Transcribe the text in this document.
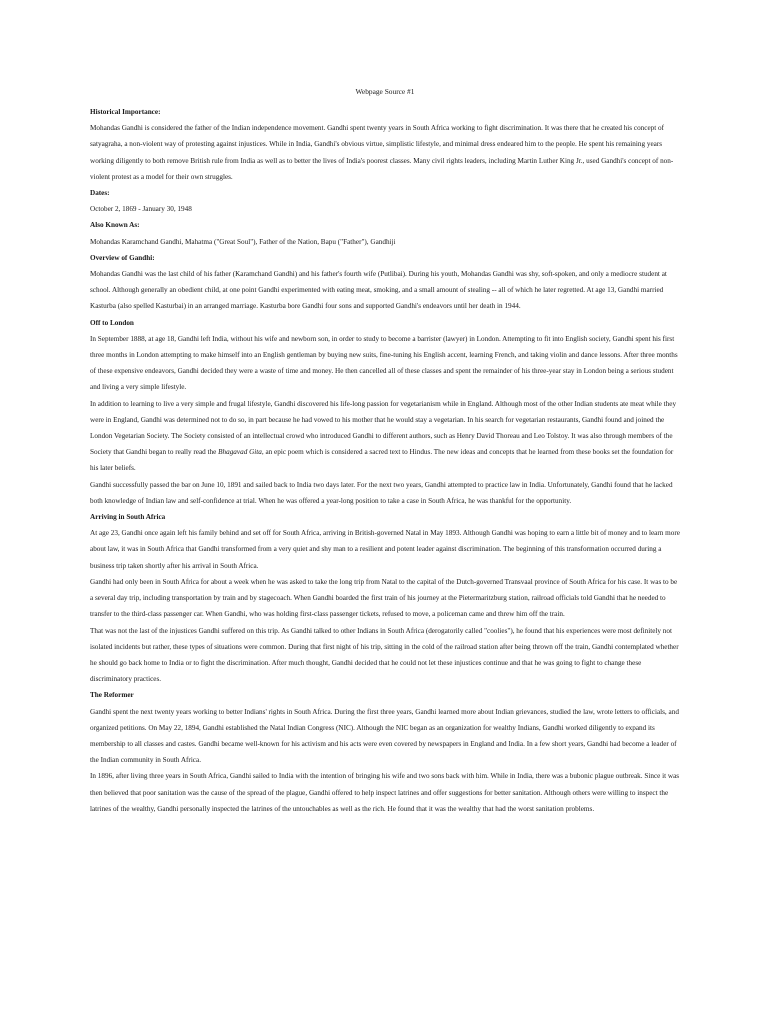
Webpage Source #1
Historical Importance:

Mohandas Gandhi is considered the father of the Indian independence movement. Gandhi spent twenty years in South Africa working to fight discrimination. It was there that he created his concept of satyagraha, a non-violent way of protesting against injustices. While in India, Gandhi's obvious virtue, simplistic lifestyle, and minimal dress endeared him to the people. He spent his remaining years working diligently to both remove British rule from India as well as to better the lives of India's poorest classes. Many civil rights leaders, including Martin Luther King Jr., used Gandhi's concept of non-violent protest as a model for their own struggles.

Dates:

October 2, 1869 - January 30, 1948

Also Known As:

Mohandas Karamchand Gandhi, Mahatma ("Great Soul"), Father of the Nation, Bapu ("Father"), Gandhiji

Overview of Gandhi:

Mohandas Gandhi was the last child of his father (Karamchand Gandhi) and his father's fourth wife (Putlibai). During his youth, Mohandas Gandhi was shy, soft-spoken, and only a mediocre student at school. Although generally an obedient child, at one point Gandhi experimented with eating meat, smoking, and a small amount of stealing -- all of which he later regretted. At age 13, Gandhi married Kasturba (also spelled Kasturbai) in an arranged marriage. Kasturba bore Gandhi four sons and supported Gandhi's endeavors until her death in 1944.

Off to London

In September 1888, at age 18, Gandhi left India, without his wife and newborn son, in order to study to become a barrister (lawyer) in London. Attempting to fit into English society, Gandhi spent his first three months in London attempting to make himself into an English gentleman by buying new suits, fine-tuning his English accent, learning French, and taking violin and dance lessons. After three months of these expensive endeavors, Gandhi decided they were a waste of time and money. He then cancelled all of these classes and spent the remainder of his three-year stay in London being a serious student and living a very simple lifestyle.

In addition to learning to live a very simple and frugal lifestyle, Gandhi discovered his life-long passion for vegetarianism while in England. Although most of the other Indian students ate meat while they were in England, Gandhi was determined not to do so, in part because he had vowed to his mother that he would stay a vegetarian. In his search for vegetarian restaurants, Gandhi found and joined the London Vegetarian Society. The Society consisted of an intellectual crowd who introduced Gandhi to different authors, such as Henry David Thoreau and Leo Tolstoy. It was also through members of the Society that Gandhi began to really read the Bhagavad Gita, an epic poem which is considered a sacred text to Hindus. The new ideas and concepts that he learned from these books set the foundation for his later beliefs.

Gandhi successfully passed the bar on June 10, 1891 and sailed back to India two days later. For the next two years, Gandhi attempted to practice law in India. Unfortunately, Gandhi found that he lacked both knowledge of Indian law and self-confidence at trial. When he was offered a year-long position to take a case in South Africa, he was thankful for the opportunity.

Arriving in South Africa

At age 23, Gandhi once again left his family behind and set off for South Africa, arriving in British-governed Natal in May 1893. Although Gandhi was hoping to earn a little bit of money and to learn more about law, it was in South Africa that Gandhi transformed from a very quiet and shy man to a resilient and potent leader against discrimination. The beginning of this transformation occurred during a business trip taken shortly after his arrival in South Africa.

Gandhi had only been in South Africa for about a week when he was asked to take the long trip from Natal to the capital of the Dutch-governed Transvaal province of South Africa for his case. It was to be a several day trip, including transportation by train and by stagecoach. When Gandhi boarded the first train of his journey at the Pietermaritzburg station, railroad officials told Gandhi that he needed to transfer to the third-class passenger car. When Gandhi, who was holding first-class passenger tickets, refused to move, a policeman came and threw him off the train.

That was not the last of the injustices Gandhi suffered on this trip. As Gandhi talked to other Indians in South Africa (derogatorily called "coolies"), he found that his experiences were most definitely not isolated incidents but rather, these types of situations were common. During that first night of his trip, sitting in the cold of the railroad station after being thrown off the train, Gandhi contemplated whether he should go back home to India or to fight the discrimination. After much thought, Gandhi decided that he could not let these injustices continue and that he was going to fight to change these discriminatory practices.

The Reformer

Gandhi spent the next twenty years working to better Indians' rights in South Africa. During the first three years, Gandhi learned more about Indian grievances, studied the law, wrote letters to officials, and organized petitions. On May 22, 1894, Gandhi established the Natal Indian Congress (NIC). Although the NIC began as an organization for wealthy Indians, Gandhi worked diligently to expand its membership to all classes and castes. Gandhi became well-known for his activism and his acts were even covered by newspapers in England and India. In a few short years, Gandhi had become a leader of the Indian community in South Africa.

In 1896, after living three years in South Africa, Gandhi sailed to India with the intention of bringing his wife and two sons back with him. While in India, there was a bubonic plague outbreak. Since it was then believed that poor sanitation was the cause of the spread of the plague, Gandhi offered to help inspect latrines and offer suggestions for better sanitation. Although others were willing to inspect the latrines of the wealthy, Gandhi personally inspected the latrines of the untouchables as well as the rich. He found that it was the wealthy that had the worst sanitation problems.
